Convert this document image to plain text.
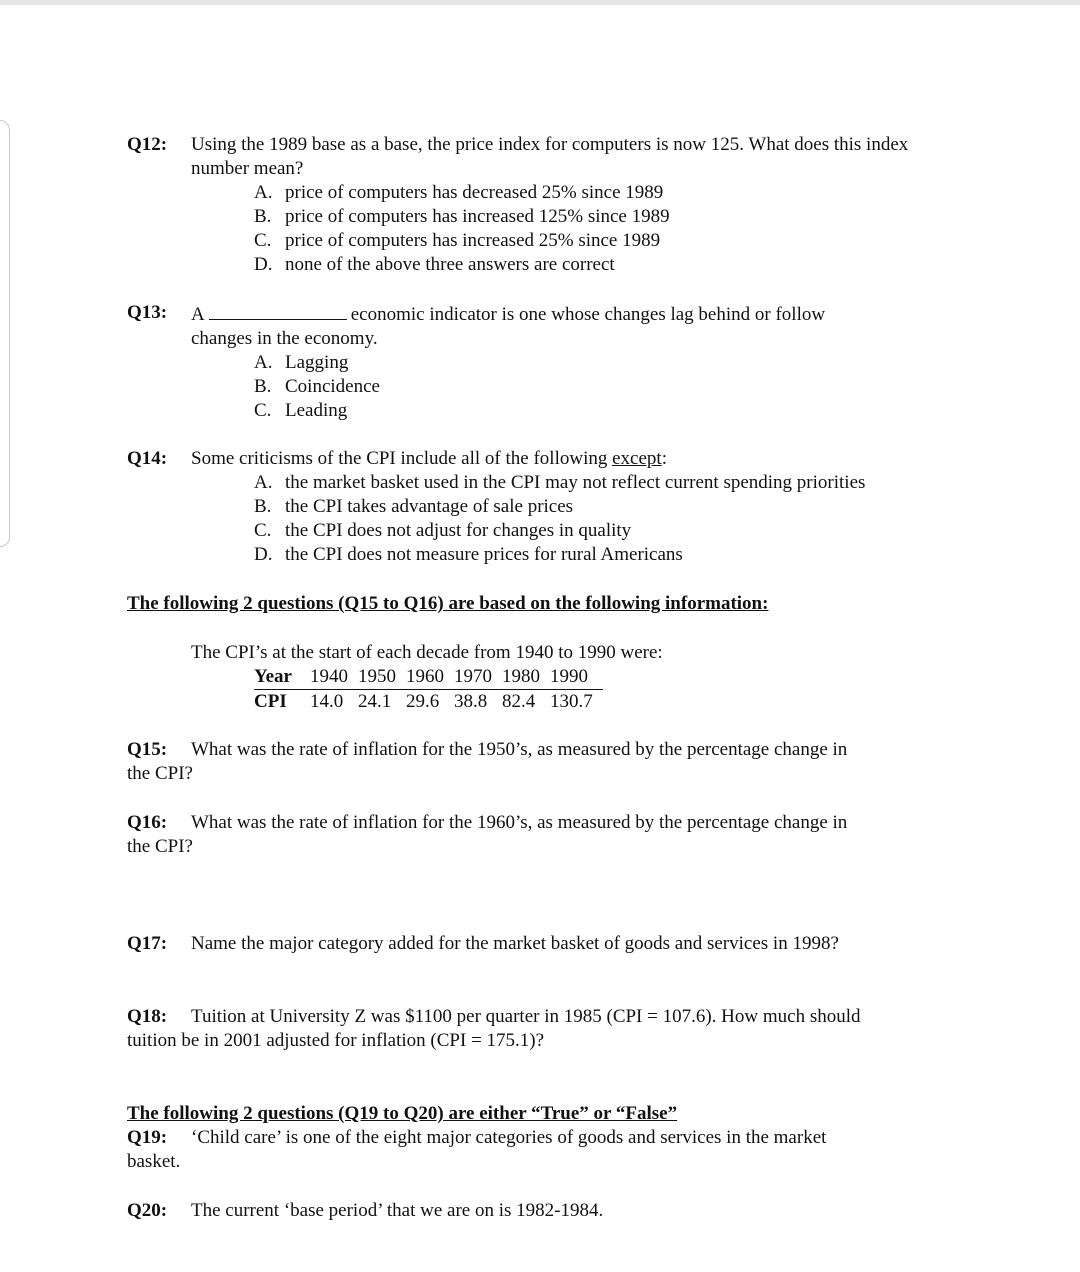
Q12: Using the 1989 base as a base, the price index for computers is now 125. What does this index number mean?
A. price of computers has decreased 25% since 1989
B. price of computers has increased 125% since 1989
C. price of computers has increased 25% since 1989
D. none of the above three answers are correct
Q13: A	economic indicator is one whose changes lag behind or follow
changes in the economy.
A. Lagging
B. Coincidence
C. Leading
Q14: Some criticisms of the CPI include all of the following except:
A. the market basket used in the CPI may not reflect current spending priorities
B. the CPI takes advantage of sale prices
C. the CPI does not adjust for changes in quality
D. the CPI does not measure prices for rural Americans
The following 2 questions (Q15 to Q16) are based on the following information:
The CPI’s at the start of each decade from 1940 to 1990 were:
Year	1940	1950	1960	1970	1980	1990
CPI	14.0	24.1	29.6	38.8	82.4	130.7
Q15: What was the rate of inflation for the 1950’s, as measured by the percentage change in
the CPI?
Q16: What was the rate of inflation for the 1960’s, as measured by the percentage change in
the CPI?
Q17: Name the major category added for the market basket of goods and services in 1998?
Q18: Tuition at University Z was $1100 per quarter in 1985 (CPI = 107.6). How much should
tuition be in 2001 adjusted for inflation (CPI = 175.1)?
The following 2 questions (Q19 to Q20) are either “True” or “False”
Q19: ‘Child care’ is one of the eight major categories of goods and services in the market
basket.
Q20: The current ‘base period’ that we are on is 1982-1984.
